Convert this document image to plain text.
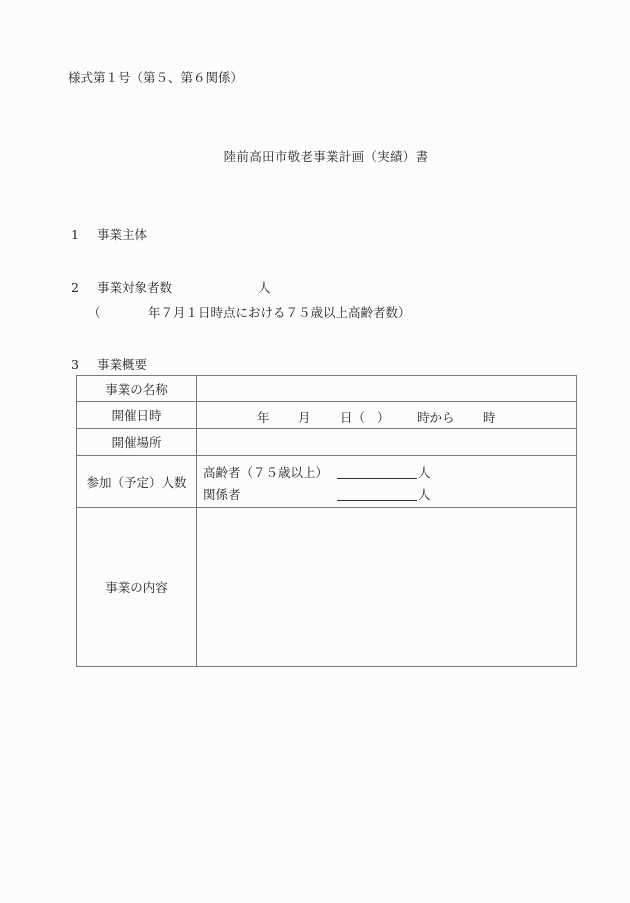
様式第１号（第５、第６関係）
陸前高田市敬老事業計画（実績）書
1 事業主体
2 事業対象者数	人
（	年７月１日時点における７５歳以上高齢者数）
3 事業概要
事業の名称	
開催日時	年 月 日（ ） 時から 時

開催場所	
参加（予定）人数	高齢者（７５歳以上） 人
関係者 人

事業の内容	
